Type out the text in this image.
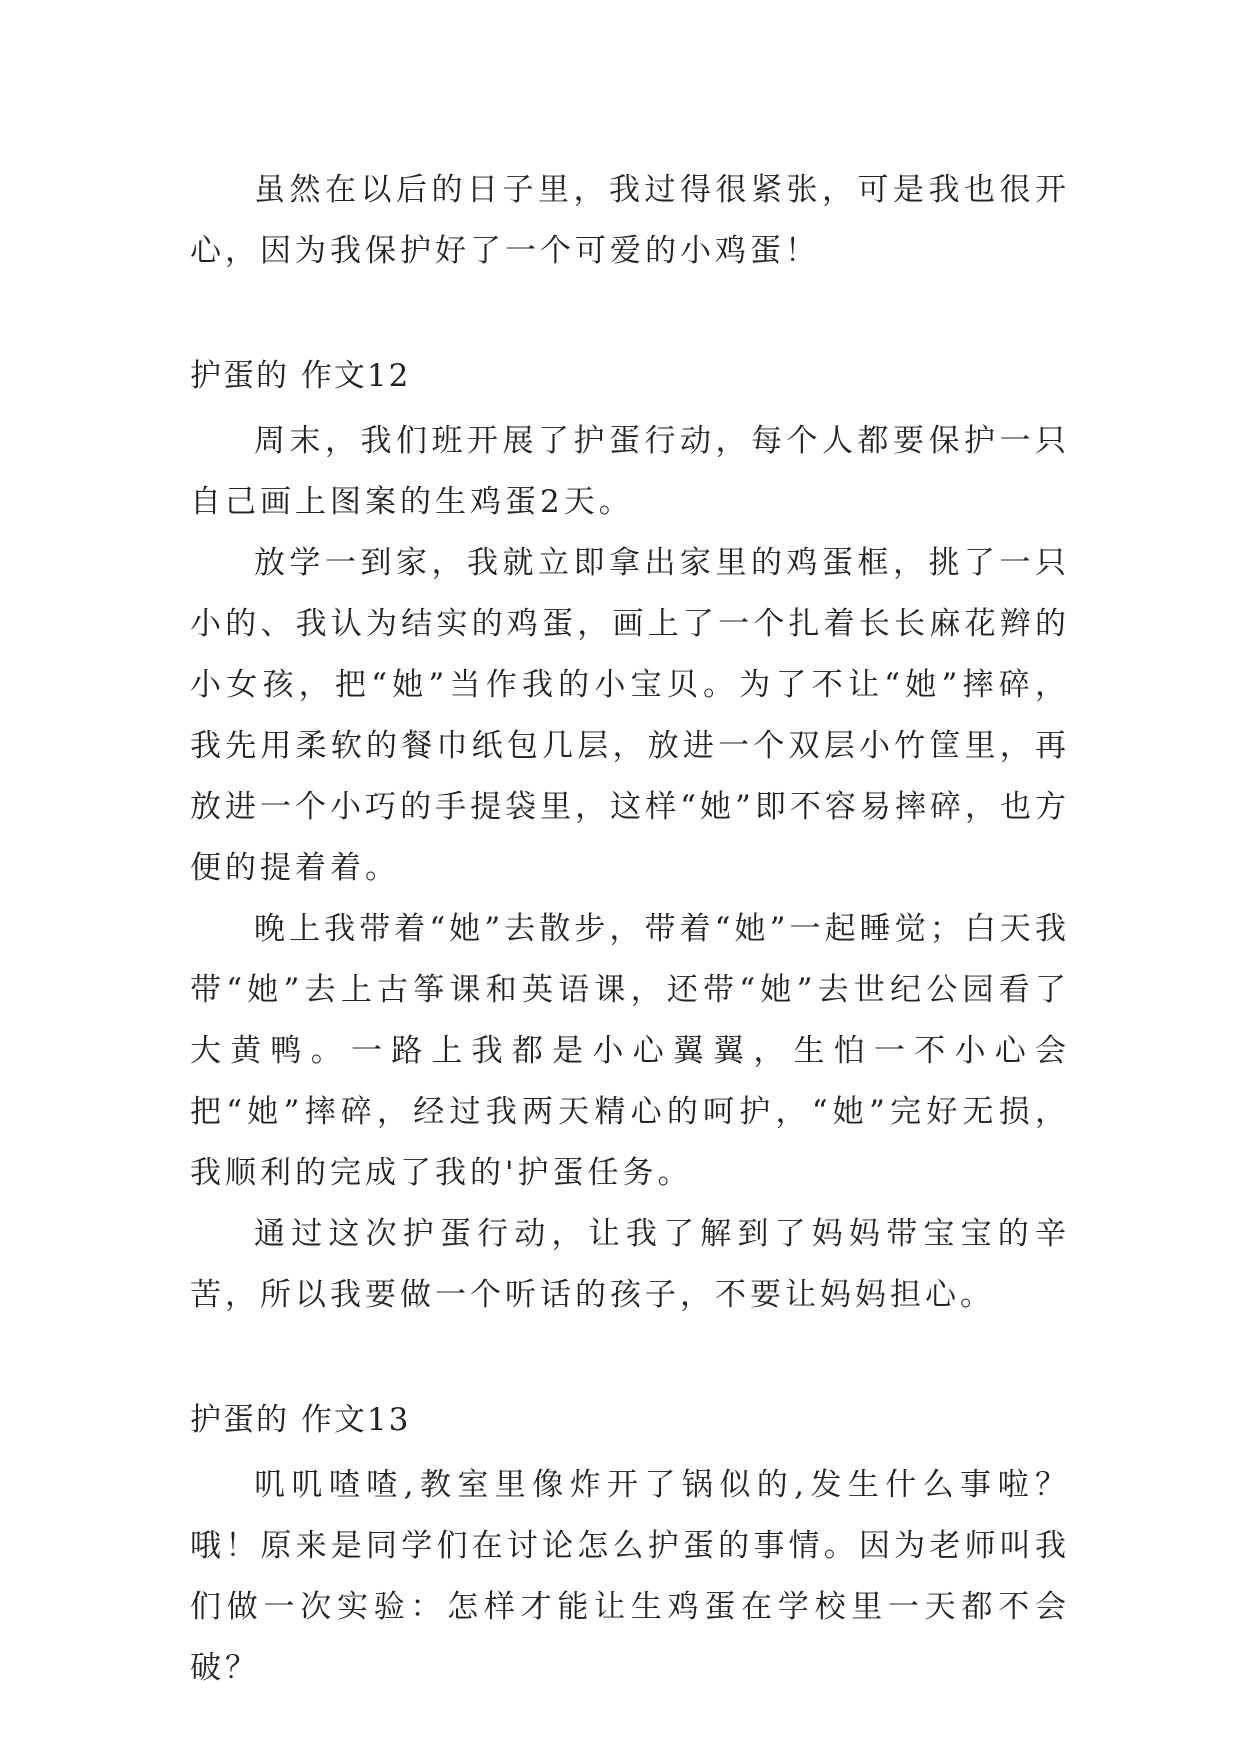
虽然在以后的日子里，我过得很紧张，可是我也很开心，因为我保护好了一个可爱的小鸡蛋！

护蛋的 作文12

周末，我们班开展了护蛋行动，每个人都要保护一只自己画上图案的生鸡蛋2天。

放学一到家，我就立即拿出家里的鸡蛋框，挑了一只小的、我认为结实的鸡蛋，画上了一个扎着长长麻花辫的小女孩，把“她”当作我的小宝贝。为了不让“她”摔碎，我先用柔软的餐巾纸包几层，放进一个双层小竹筐里，再放进一个小巧的手提袋里，这样“她”即不容易摔碎，也方便的提着着。

晚上我带着“她”去散步，带着“她”一起睡觉；白天我带“她”去上古筝课和英语课，还带“她”去世纪公园看了大黄鸭。一路上我都是小心翼翼，生怕一不小心会把“她”摔碎，经过我两天精心的呵护，“她”完好无损，我顺利的完成了我的'护蛋任务。

通过这次护蛋行动，让我了解到了妈妈带宝宝的辛苦，所以我要做一个听话的孩子，不要让妈妈担心。

护蛋的 作文13

叽叽喳喳,教室里像炸开了锅似的,发生什么事啦？哦！原来是同学们在讨论怎么护蛋的事情。因为老师叫我们做一次实验：怎样才能让生鸡蛋在学校里一天都不会破？
